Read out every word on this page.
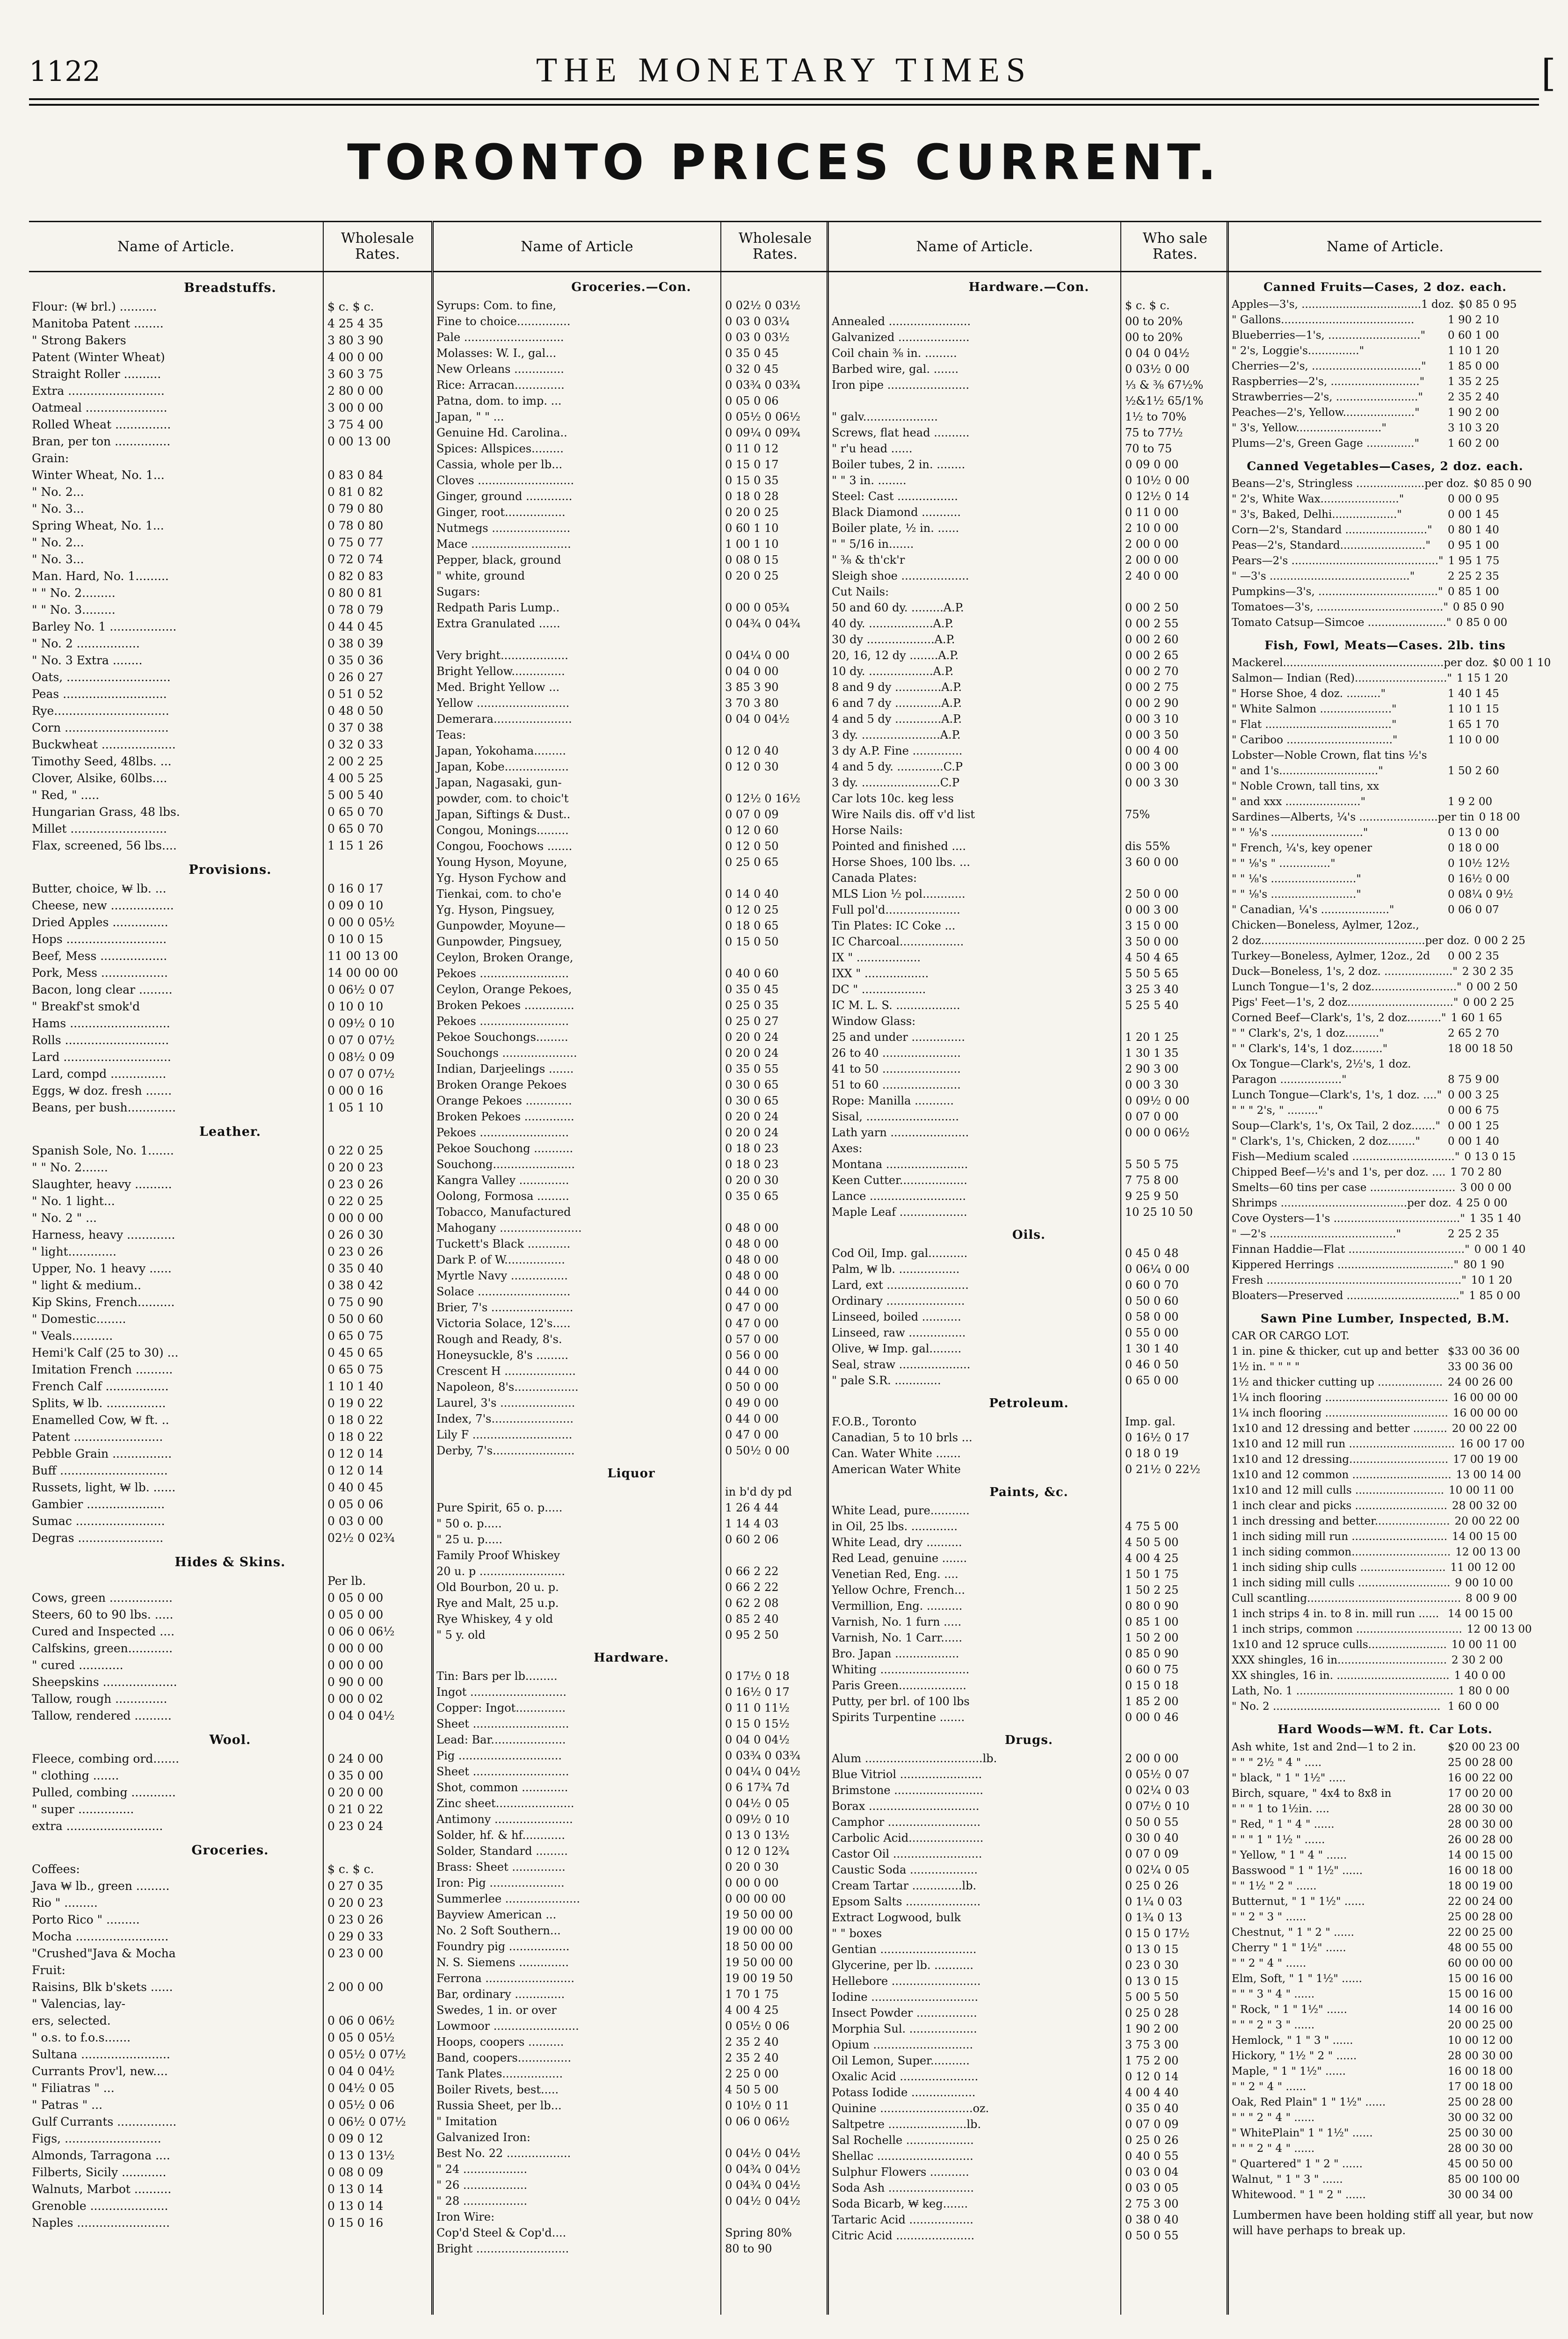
1122	THE MONETARY TIMES	[
TORONTO PRICES CURRENT.
Name of Article.	Wholesale
Rates.
Breadstuffs.
Flour: (₩ brl.) ..........	$ c. $ c.
Manitoba Patent ........	4 25 4 35
" Strong Bakers	3 80 3 90
Patent (Winter Wheat)	4 00 0 00
Straight Roller ..........	3 60 3 75
Extra ..........................	2 80 0 00
Oatmeal ......................	3 00 0 00
Rolled Wheat ...............	3 75 4 00
Bran, per ton ...............	0 00 13 00
Grain:
Winter Wheat, No. 1...	0 83 0 84
" No. 2...	0 81 0 82
" No. 3...	0 79 0 80
Spring Wheat, No. 1...	0 78 0 80
" No. 2...	0 75 0 77
" No. 3...	0 72 0 74
Man. Hard, No. 1.........	0 82 0 83
" " No. 2.........	0 80 0 81
" " No. 3.........	0 78 0 79
Barley No. 1 ..................	0 44 0 45
" No. 2 .................	0 38 0 39
" No. 3 Extra ........	0 35 0 36
Oats, ............................	0 26 0 27
Peas ............................	0 51 0 52
Rye...............................	0 48 0 50
Corn ............................	0 37 0 38
Buckwheat ....................	0 32 0 33
Timothy Seed, 48lbs. ...	2 00 2 25
Clover, Alsike, 60lbs....	4 00 5 25
" Red, " .....	5 00 5 40
Hungarian Grass, 48 lbs.	0 65 0 70
Millet ..........................	0 65 0 70
Flax, screened, 56 lbs....	1 15 1 26
Provisions.
Butter, choice, ₩ lb. ...	0 16 0 17
Cheese, new .................	0 09 0 10
Dried Apples ...............	0 00 0 05½
Hops ...........................	0 10 0 15
Beef, Mess ..................	11 00 13 00
Pork, Mess ..................	14 00 00 00
Bacon, long clear .........	0 06½ 0 07
" Breakf'st smok'd	0 10 0 10
Hams ...........................	0 09½ 0 10
Rolls ............................	0 07 0 07½
Lard .............................	0 08½ 0 09
Lard, compd ...............	0 07 0 07½
Eggs, ₩ doz. fresh .......	0 00 0 16
Beans, per bush.............	1 05 1 10
Leather.
Spanish Sole, No. 1.......	0 22 0 25
" " No. 2.......	0 20 0 23
Slaughter, heavy ..........	0 23 0 26
" No. 1 light...	0 22 0 25
" No. 2 " ...	0 00 0 00
Harness, heavy .............	0 26 0 30
" light.............	0 23 0 26
Upper, No. 1 heavy ......	0 35 0 40
" light & medium..	0 38 0 42
Kip Skins, French..........	0 75 0 90
" Domestic........	0 50 0 60
" Veals...........	0 65 0 75
Hemi'k Calf (25 to 30) ...	0 45 0 65
Imitation French ..........	0 65 0 75
French Calf .................	1 10 1 40
Splits, ₩ lb. ................	0 19 0 22
Enamelled Cow, ₩ ft. ..	0 18 0 22
Patent ........................	0 18 0 22
Pebble Grain ................	0 12 0 14
Buff .............................	0 12 0 14
Russets, light, ₩ lb. ......	0 40 0 45
Gambier .....................	0 05 0 06
Sumac ........................	0 03 0 00
Degras .......................	02½ 0 02¾
Hides & Skins.
Per lb.
Cows, green .................	0 05 0 00
Steers, 60 to 90 lbs. .....	0 05 0 00
Cured and Inspected ....	0 06 0 06½
Calfskins, green............	0 00 0 00
" cured ............	0 00 0 00
Sheepskins ....................	0 90 0 00
Tallow, rough ..............	0 00 0 02
Tallow, rendered ..........	0 04 0 04½
Wool.
Fleece, combing ord.......	0 24 0 00
" clothing .......	0 35 0 00
Pulled, combing ............	0 20 0 00
" super ...............	0 21 0 22
extra ..........................	0 23 0 24
Groceries.
Coffees:	$ c. $ c.
Java ₩ lb., green .........	0 27 0 35
Rio " .........	0 20 0 23
Porto Rico " .........	0 23 0 26
Mocha .........................	0 29 0 33
"Crushed"Java & Mocha	0 23 0 00
Fruit:
Raisins, Blk b'skets ......	2 00 0 00
" Valencias, lay-
ers, selected.	0 06 0 06½
" o.s. to f.o.s.......	0 05 0 05½
Sultana ........................	0 05½ 0 07½
Currants Prov'l, new....	0 04 0 04½
" Filiatras " ...	0 04½ 0 05
" Patras " ...	0 05½ 0 06
Gulf Currants ................	0 06½ 0 07½
Figs, ..........................	0 09 0 12
Almonds, Tarragona ....	0 13 0 13½
Filberts, Sicily ............	0 08 0 09
Walnuts, Marbot ..........	0 13 0 14
Grenoble .....................	0 13 0 14
Naples .........................	0 15 0 16
Name of Article	Wholesale
Rates.
Groceries.—Con.
Syrups: Com. to fine,	0 02½ 0 03½
Fine to choice...............	0 03 0 03¼
Pale ............................	0 03 0 03½
Molasses: W. I., gal...	0 35 0 45
New Orleans ..............	0 32 0 45
Rice: Arracan..............	0 03¾ 0 03¾
Patna, dom. to imp. ...	0 05 0 06
Japan, " " ...	0 05½ 0 06½
Genuine Hd. Carolina..	0 09¼ 0 09¾
Spices: Allspices.........	0 11 0 12
Cassia, whole per lb...	0 15 0 17
Cloves ...........................	0 15 0 35
Ginger, ground .............	0 18 0 28
Ginger, root.................	0 20 0 25
Nutmegs ......................	0 60 1 10
Mace ............................	1 00 1 10
Pepper, black, ground	0 08 0 15
" white, ground	0 20 0 25
Sugars:
Redpath Paris Lump..	0 00 0 05¾
Extra Granulated ......	0 04¾ 0 04¾
Very bright...................	0 04¼ 0 00
Bright Yellow...............	0 04 0 00
Med. Bright Yellow ...	3 85 3 90
Yellow ..........................	3 70 3 80
Demerara......................	0 04 0 04½
Teas:
Japan, Yokohama.........	0 12 0 40
Japan, Kobe..................	0 12 0 30
Japan, Nagasaki, gun-
powder, com. to choic't	0 12½ 0 16½
Japan, Siftings & Dust..	0 07 0 09
Congou, Monings.........	0 12 0 60
Congou, Foochows .......	0 12 0 50
Young Hyson, Moyune,	0 25 0 65
Yg. Hyson Fychow and
Tienkai, com. to cho'e	0 14 0 40
Yg. Hyson, Pingsuey,	0 12 0 25
Gunpowder, Moyune—	0 18 0 65
Gunpowder, Pingsuey,	0 15 0 50
Ceylon, Broken Orange,
Pekoes .........................	0 40 0 60
Ceylon, Orange Pekoes,	0 35 0 45
Broken Pekoes ..............	0 25 0 35
Pekoes .........................	0 25 0 27
Pekoe Souchongs.........	0 20 0 24
Souchongs .....................	0 20 0 24
Indian, Darjeelings .......	0 35 0 55
Broken Orange Pekoes	0 30 0 65
Orange Pekoes .............	0 30 0 65
Broken Pekoes ..............	0 20 0 24
Pekoes .........................	0 20 0 24
Pekoe Souchong ...........	0 18 0 23
Souchong.......................	0 18 0 23
Kangra Valley ..............	0 20 0 30
Oolong, Formosa .........	0 35 0 65
Tobacco, Manufactured
Mahogany .......................	0 48 0 00
Tuckett's Black ............	0 48 0 00
Dark P. of W.................	0 48 0 00
Myrtle Navy ................	0 48 0 00
Solace ..........................	0 44 0 00
Brier, 7's .......................	0 47 0 00
Victoria Solace, 12's.....	0 47 0 00
Rough and Ready, 8's.	0 57 0 00
Honeysuckle, 8's .........	0 56 0 00
Crescent H ....................	0 44 0 00
Napoleon, 8's..................	0 50 0 00
Laurel, 3's .....................	0 49 0 00
Index, 7's.......................	0 44 0 00
Lily F ............................	0 47 0 00
Derby, 7's.......................	0 50½ 0 00
Liquor
in b'd dy pd
Pure Spirit, 65 o. p.....	1 26 4 44
" 50 o. p.....	1 14 4 03
" 25 u. p.....	0 60 2 06
Family Proof Whiskey
20 u. p ........................	0 66 2 22
Old Bourbon, 20 u. p.	0 66 2 22
Rye and Malt, 25 u.p.	0 62 2 08
Rye Whiskey, 4 y old	0 85 2 40
" 5 y. old	0 95 2 50
Hardware.
Tin: Bars per lb.........	0 17½ 0 18
Ingot ...........................	0 16½ 0 17
Copper: Ingot..............	0 11 0 11½
Sheet ...........................	0 15 0 15½
Lead: Bar.....................	0 04 0 04½
Pig .............................	0 03¾ 0 03¾
Sheet ...........................	0 04¼ 0 04½
Shot, common .............	0 6 17¾ 7d
Zinc sheet......................	0 04½ 0 05
Antimony ......................	0 09½ 0 10
Solder, hf. & hf............	0 13 0 13½
Solder, Standard .........	0 12 0 12¾
Brass: Sheet ...............	0 20 0 30
Iron: Pig .....................	0 00 0 00
Summerlee .....................	0 00 00 00
Bayview American ...	19 50 00 00
No. 2 Soft Southern...	19 00 00 00
Foundry pig .................	18 50 00 00
N. S. Siemens ..............	19 50 00 00
Ferrona .........................	19 00 19 50
Bar, ordinary ..............	1 70 1 75
Swedes, 1 in. or over	4 00 4 25
Lowmoor ........................	0 05½ 0 06
Hoops, coopers ..........	2 35 2 40
Band, coopers...............	2 35 2 40
Tank Plates.................	2 25 0 00
Boiler Rivets, best.....	4 50 5 00
Russia Sheet, per lb...	0 10½ 0 11
" Imitation	0 06 0 06½
Galvanized Iron:
Best No. 22 ..................	0 04½ 0 04½
" 24 ..................	0 04¾ 0 04½
" 26 ..................	0 04¾ 0 04½
" 28 ..................	0 04½ 0 04½
Iron Wire:
Cop'd Steel & Cop'd....	Spring 80%
Bright ..........................	80 to 90
Name of Article.	Who sale
Rates.
Hardware.—Con.
$ c. $ c.
Annealed .......................	00 to 20%
Galvanized ....................	00 to 20%
Coil chain ⅜ in. .........	0 04 0 04½
Barbed wire, gal. .......	0 03½ 0 00
Iron pipe .......................	⅓ & ⅜ 67½%
½&1½ 65/1%
" galv.....................	1½ to 70%
Screws, flat head ..........	75 to 77½
" r'u head ......	70 to 75
Boiler tubes, 2 in. ........	0 09 0 00
" " 3 in. ........	0 10½ 0 00
Steel: Cast .................	0 12½ 0 14
Black Diamond ...........	0 11 0 00
Boiler plate, ½ in. ......	2 10 0 00
" " 5/16 in.......	2 00 0 00
" ⅜ & th'ck'r	2 00 0 00
Sleigh shoe ...................	2 40 0 00
Cut Nails:
50 and 60 dy. .........A.P.	0 00 2 50
40 dy. ..................A.P.	0 00 2 55
30 dy ...................A.P.	0 00 2 60
20, 16, 12 dy ........A.P.	0 00 2 65
10 dy. ..................A.P.	0 00 2 70
8 and 9 dy .............A.P.	0 00 2 75
6 and 7 dy .............A.P.	0 00 2 90
4 and 5 dy .............A.P.	0 00 3 10
3 dy. ......................A.P.	0 00 3 50
3 dy A.P. Fine ..............	0 00 4 00
4 and 5 dy. .............C.P	0 00 3 00
3 dy. ......................C.P	0 00 3 30
Car lots 10c. keg less
Wire Nails dis. off v'd list	75%
Horse Nails:
Pointed and finished ....	dis 55%
Horse Shoes, 100 lbs. ...	3 60 0 00
Canada Plates:
MLS Lion ½ pol............	2 50 0 00
Full pol'd.....................	0 00 3 00
Tin Plates: IC Coke ...	3 15 0 00
IC Charcoal..................	3 50 0 00
IX " ..................	4 50 4 65
IXX " ..................	5 50 5 65
DC " ..................	3 25 3 40
IC M. L. S. ..................	5 25 5 40
Window Glass:
25 and under ...............	1 20 1 25
26 to 40 ......................	1 30 1 35
41 to 50 ......................	2 90 3 00
51 to 60 ......................	0 00 3 30
Rope: Manilla ...........	0 09½ 0 00
Sisal, ..........................	0 07 0 00
Lath yarn ......................	0 00 0 06½
Axes:
Montana .......................	5 50 5 75
Keen Cutter...................	7 75 8 00
Lance ...........................	9 25 9 50
Maple Leaf ...................	10 25 10 50
Oils.
Cod Oil, Imp. gal...........	0 45 0 48
Palm, ₩ lb. .................	0 06¼ 0 00
Lard, ext .......................	0 60 0 70
Ordinary ......................	0 50 0 60
Linseed, boiled ...........	0 58 0 00
Linseed, raw ................	0 55 0 00
Olive, ₩ Imp. gal.........	1 30 1 40
Seal, straw ....................	0 46 0 50
" pale S.R. .............	0 65 0 00
Petroleum.
F.O.B., Toronto	Imp. gal.
Canadian, 5 to 10 brls ...	0 16½ 0 17
Can. Water White .......	0 18 0 19
American Water White	0 21½ 0 22½
Paints, &c.
White Lead, pure...........
in Oil, 25 lbs. .............	4 75 5 00
White Lead, dry ..........	4 50 5 00
Red Lead, genuine .......	4 00 4 25
Venetian Red, Eng. ....	1 50 1 75
Yellow Ochre, French...	1 50 2 25
Vermillion, Eng. ..........	0 80 0 90
Varnish, No. 1 furn .....	0 85 1 00
Varnish, No. 1 Carr......	1 50 2 00
Bro. Japan ..................	0 85 0 90
Whiting .........................	0 60 0 75
Paris Green...................	0 15 0 18
Putty, per brl. of 100 lbs	1 85 2 00
Spirits Turpentine .......	0 00 0 46
Drugs.
Alum .................................lb.	2 00 0 00
Blue Vitriol .......................	0 05½ 0 07
Brimstone .........................	0 02¼ 0 03
Borax ...............................	0 07½ 0 10
Camphor ..........................	0 50 0 55
Carbolic Acid.....................	0 30 0 40
Castor Oil .........................	0 07 0 09
Caustic Soda ...................	0 02¼ 0 05
Cream Tartar ..............lb.	0 25 0 26
Epsom Salts .....................	0 1¼ 0 03
Extract Logwood, bulk	0 1¾ 0 13
" " boxes	0 15 0 17½
Gentian ...........................	0 13 0 15
Glycerine, per lb. ...........	0 23 0 30
Hellebore .........................	0 13 0 15
Iodine ..............................	5 00 5 50
Insect Powder .................	0 25 0 28
Morphia Sul. ...................	1 90 2 00
Opium ............................	3 75 3 00
Oil Lemon, Super...........	1 75 2 00
Oxalic Acid ......................	0 12 0 14
Potass Iodide ..................	4 00 4 40
Quinine ..........................oz.	0 35 0 40
Saltpetre ......................lb.	0 07 0 09
Sal Rochelle ...................	0 25 0 26
Shellac ...........................	0 40 0 55
Sulphur Flowers ...........	0 03 0 04
Soda Ash ........................	0 03 0 05
Soda Bicarb, ₩ keg.......	2 75 3 00
Tartaric Acid ..................	0 38 0 40
Citric Acid ......................	0 50 0 55
Name of Article.
Canned Fruits—Cases, 2 doz. each.
Apples—3's, ...................................1 doz. $0 85 0 95
" Gallons.......................................	1 90 2 10
Blueberries—1's, ..........................."	0 60 1 00
" 2's, Loggie's..............."	1 10 1 20
Cherries—2's, ................................"	1 85 0 00
Raspberries—2's, .........................."	1 35 2 25
Strawberries—2's, ........................"	2 35 2 40
Peaches—2's, Yellow....................."	1 90 2 00
" 3's, Yellow........................."	3 10 3 20
Plums—2's, Green Gage .............."	1 60 2 00
Canned Vegetables—Cases, 2 doz. each.
Beans—2's, Stringless ....................per doz. $0 85 0 90
" 2's, White Wax......................."	0 00 0 95
" 3's, Baked, Delhi..................."	0 00 1 45
Corn—2's, Standard ........................"	0 80 1 40
Peas—2's, Standard........................."	0 95 1 00
Pears—2's ..........................................." 1 95 1 75
" —3's ........................................."	2 25 2 35
Pumpkins—3's, ..................................." 0 85 1 00
Tomatoes—3's, ....................................." 0 85 0 90
Tomato Catsup—Simcoe ......................." 0 85 0 00
Fish, Fowl, Meats—Cases. 2lb. tins
Mackerel...............................................per doz. $0 00 1 10
Salmon— Indian (Red)..........................." 1 15 1 20
" Horse Shoe, 4 doz. .........."	1 40 1 45
" White Salmon ....................."	1 10 1 15
" Flat ....................................."	1 65 1 70
" Cariboo ..............................."	1 10 0 00
Lobster—Noble Crown, flat tins ½'s
" and 1's............................."	1 50 2 60
" Noble Crown, tall tins, xx
" and xxx ......................"	1 9 2 00
Sardines—Alberts, ¼'s .......................per tin 0 18 00
" " ⅛'s ..........................."	0 13 0 00
" French, ¼'s, key opener	0 18 0 00
" " ⅛'s " ..............."	0 10½ 12½
" " ⅛'s ........................."	0 16½ 0 00
" " ⅛'s ........................."	0 08¼ 0 9½
" Canadian, ¼'s ...................."	0 06 0 07
Chicken—Boneless, Aylmer, 12oz.,
2 doz................................................per doz. 0 00 2 25
Turkey—Boneless, Aylmer, 12oz., 2d	0 00 2 35
Duck—Boneless, 1's, 2 doz. ...................." 2 30 2 35
Lunch Tongue—1's, 2 doz........................." 0 00 2 50
Pigs' Feet—1's, 2 doz..............................." 0 00 2 25
Corned Beef—Clark's, 1's, 2 doz.........." 1 60 1 65
" " Clark's, 2's, 1 doz.........."	2 65 2 70
" " Clark's, 14's, 1 doz........."	18 00 18 50
Ox Tongue—Clark's, 2½'s, 1 doz.
Paragon .................."	8 75 9 00
Lunch Tongue—Clark's, 1's, 1 doz. ...." 0 00 3 25
" " " 2's, " ........."	0 00 6 75
Soup—Clark's, 1's, Ox Tail, 2 doz......." 0 00 1 25
" Clark's, 1's, Chicken, 2 doz........"	0 00 1 40
Fish—Medium scaled .............................." 0 13 0 15
Chipped Beef—½'s and 1's, per doz. .... 1 70 2 80
Smelts—60 tins per case ......................... 3 00 0 00
Shrimps .....................................per doz. 4 25 0 00
Cove Oysters—1's ....................................." 1 35 1 40
" —2's ....................................."	2 25 2 35
Finnan Haddie—Flat .................................." 0 00 1 40
Kippered Herrings .................................." 80 1 90
Fresh ........................................................." 10 1 20
Bloaters—Preserved ................................." 1 85 0 00
Sawn Pine Lumber, Inspected, B.M.
CAR OR CARGO LOT.
1 in. pine & thicker, cut up and better $33 00 36 00
1½ in. " " " "	33 00 36 00
1½ and thicker cutting up ................... 24 00 26 00
1¼ inch flooring .................................... 16 00 00 00
1¼ inch flooring .................................... 16 00 00 00
1x10 and 12 dressing and better .......... 20 00 22 00
1x10 and 12 mill run ............................... 16 00 17 00
1x10 and 12 dressing............................. 17 00 19 00
1x10 and 12 common ............................. 13 00 14 00
1x10 and 12 mill culls .......................... 10 00 11 00
1 inch clear and picks ........................... 28 00 32 00
1 inch dressing and better...................... 20 00 22 00
1 inch siding mill run ............................ 14 00 15 00
1 inch siding common............................. 12 00 13 00
1 inch siding ship culls ......................... 11 00 12 00
1 inch siding mill culls ........................... 9 00 10 00
Cull scantling............................................. 8 00 9 00
1 inch strips 4 in. to 8 in. mill run ...... 14 00 15 00
1 inch strips, common ............................... 12 00 13 00
1x10 and 12 spruce culls....................... 10 00 11 00
XXX shingles, 16 in................................ 2 30 2 00
XX shingles, 16 in. ................................. 1 40 0 00
Lath, No. 1 .............................................. 1 80 0 00
" No. 2 ................................................. 1 60 0 00
Hard Woods—₩M. ft. Car Lots.
Ash white, 1st and 2nd—1 to 2 in.	$20 00 23 00
" " " 2½ " 4 " .....	25 00 28 00
" black, " 1 " 1½" .....	16 00 22 00
Birch, square, " 4x4 to 8x8 in	17 00 20 00
" " " 1 to 1½in. ....	28 00 30 00
" Red, " 1 " 4 " ......	28 00 30 00
" " " 1 " 1½ " ......	26 00 28 00
" Yellow, " 1 " 4 " ......	14 00 15 00
Basswood " 1 " 1½" ......	16 00 18 00
" " 1½ " 2 " ......	18 00 19 00
Butternut, " 1 " 1½" ......	22 00 24 00
" " 2 " 3 " ......	25 00 28 00
Chestnut, " 1 " 2 " ......	22 00 25 00
Cherry " 1 " 1½" ......	48 00 55 00
" " 2 " 4 " ......	60 00 00 00
Elm, Soft, " 1 " 1½" ......	15 00 16 00
" " " 3 " 4 " ......	15 00 16 00
" Rock, " 1 " 1½" ......	14 00 16 00
" " " 2 " 3 " ......	20 00 25 00
Hemlock, " 1 " 3 " ......	10 00 12 00
Hickory, " 1½ " 2 " ......	28 00 30 00
Maple, " 1 " 1½" ......	16 00 18 00
" " 2 " 4 " ......	17 00 18 00
Oak, Red Plain" 1 " 1½" ......	25 00 28 00
" " " 2 " 4 " ......	30 00 32 00
" WhitePlain" 1 " 1½" ......	25 00 30 00
" " " 2 " 4 " ......	28 00 30 00
" Quartered" 1 " 2 " ......	45 00 50 00
Walnut, " 1 " 3 " ......	85 00 100 00
Whitewood. " 1 " 2 " ......	30 00 34 00
Lumbermen have been holding stiff all year, but now will have perhaps to break up.
